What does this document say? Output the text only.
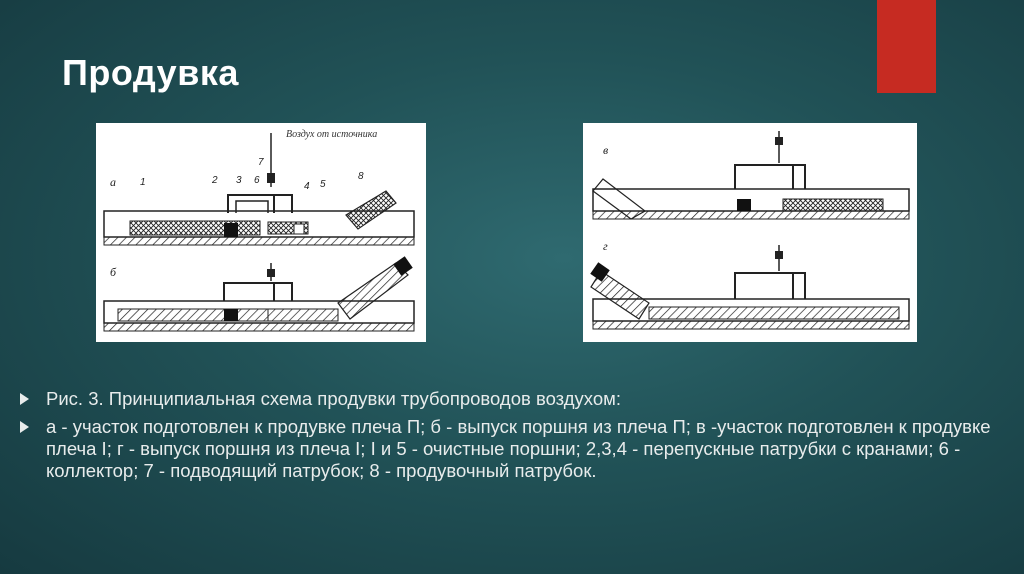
Продувка
Воздух от источника
а
б
1	2 3
4 5
6
7
8
в
г
Рис. 3. Принципиальная схема продувки трубопроводов воздухом:
а - участок подготовлен к продувке плеча П; б - выпуск поршня из плеча П; в -участок подготовлен к продувке плеча I; г - выпуск поршня из плеча I; I и 5 - очистные поршни; 2,3,4 - перепускные патрубки с кранами; 6 - коллектор; 7 - подводящий патрубок; 8 - продувочный патрубок.
